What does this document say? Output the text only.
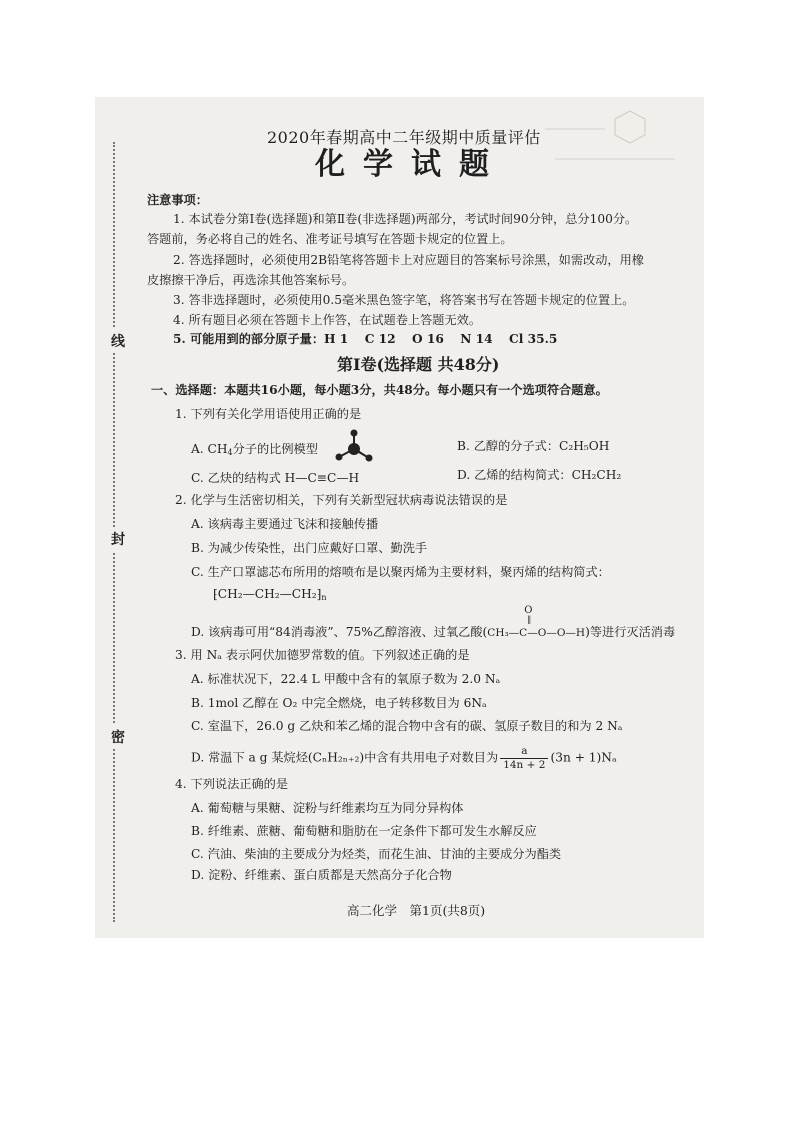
线
封
密
2020年春期高中二年级期中质量评估
化学试题
注意事项：
1. 本试卷分第Ⅰ卷(选择题)和第Ⅱ卷(非选择题)两部分，考试时间90分钟，总分100分。
答题前，务必将自己的姓名、准考证号填写在答题卡规定的位置上。
2. 答选择题时，必须使用2B铅笔将答题卡上对应题目的答案标号涂黑，如需改动，用橡
皮擦擦干净后，再选涂其他答案标号。
3. 答非选择题时，必须使用0.5毫米黑色签字笔，将答案书写在答题卡规定的位置上。
4. 所有题目必须在答题卡上作答，在试题卷上答题无效。
5. 可能用到的部分原子量：H 1　 C 12　 O 16　 N 14　 Cl 35.5
第Ⅰ卷(选择题 共48分)
一、选择题：本题共16小题，每小题3分，共48分。每小题只有一个选项符合题意。
1. 下列有关化学用语使用正确的是
A. $CH_4$分子的比例模型	B. 乙醇的分子式：C₂H₅OH
C. 乙炔的结构式 H—C≡C—H	D. 乙烯的结构简式：CH₂CH₂
2. 化学与生活密切相关，下列有关新型冠状病毒说法错误的是
A. 该病毒主要通过飞沫和接触传播
B. 为减少传染性，出门应戴好口罩、勤洗手
C. 生产口罩滤芯布所用的熔喷布是以聚丙烯为主要材料，聚丙烯的结构简式：
$⁅CH_2—CH_2—CH_2⁆_n$
D. 该病毒可用“84消毒液”、75%乙醇溶液、过氧乙酸(
O
‖
CH₃—C—O—O—H)等进行灭活消毒
3. 用 Nₐ 表示阿伏加德罗常数的值。下列叙述正确的是
A. 标准状况下，22.4 L 甲酸中含有的氧原子数为 2.0 Nₐ
B. 1mol 乙醇在 O₂ 中完全燃烧，电子转移数目为 6Nₐ
C. 室温下，26.0 g 乙炔和苯乙烯的混合物中含有的碳、氢原子数目的和为 2 Nₐ
D. 常温下 a g 某烷烃(CₙH₂ₙ₊₂)中含有共用电子对数目为 $\frac{a}{14n + 2} (3n + 1)N_a$
4. 下列说法正确的是
A. 葡萄糖与果糖、淀粉与纤维素均互为同分异构体
B. 纤维素、蔗糖、葡萄糖和脂肪在一定条件下都可发生水解反应
C. 汽油、柴油的主要成分为烃类，而花生油、甘油的主要成分为酯类
D. 淀粉、纤维素、蛋白质都是天然高分子化合物
高二化学　第1页(共8页)
